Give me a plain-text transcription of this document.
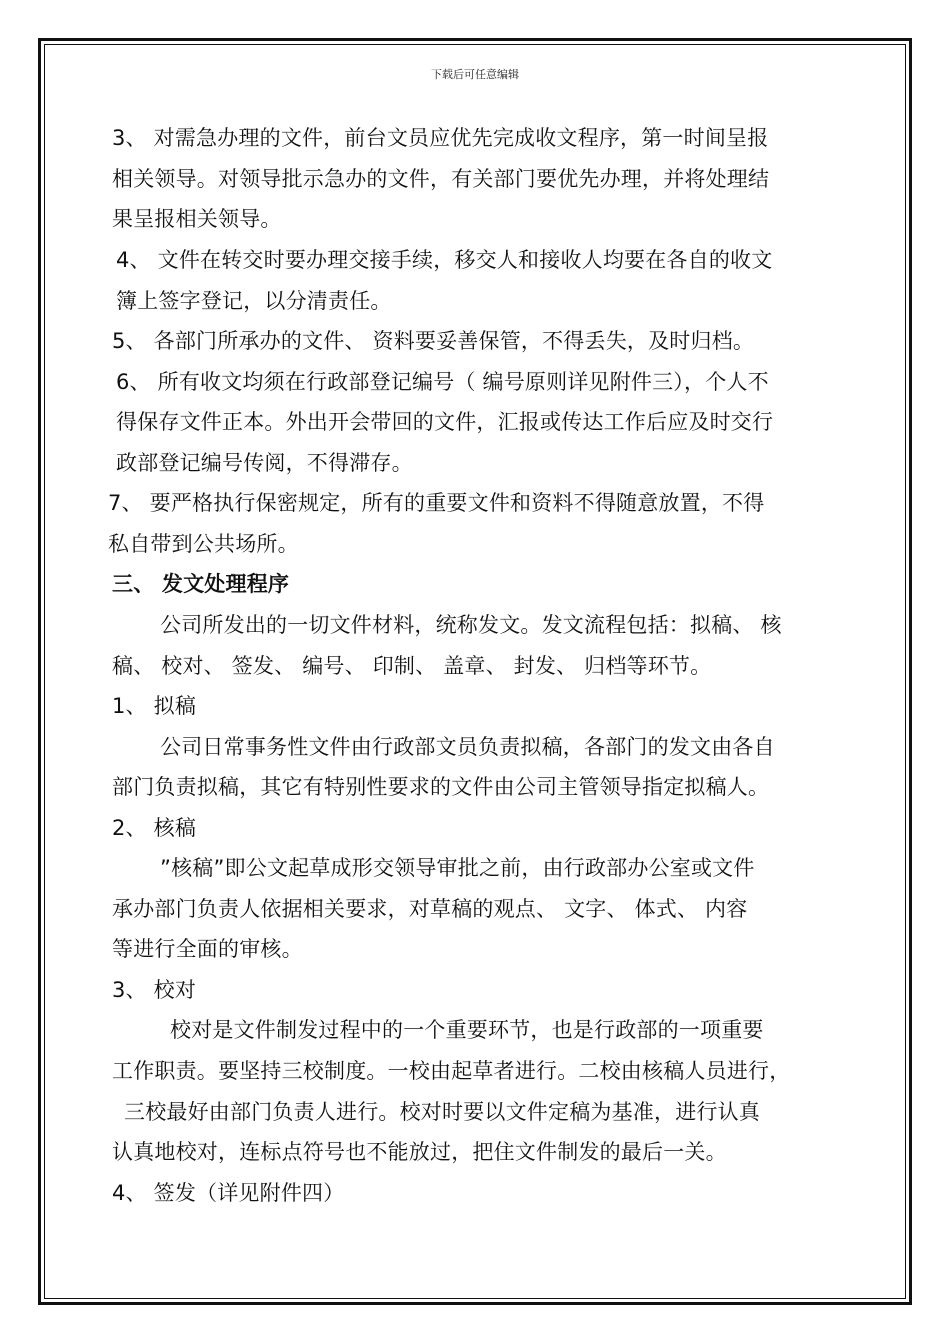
下载后可任意编辑
3、 对需急办理的文件，前台文员应优先完成收文程序，第一时间呈报
相关领导。对领导批示急办的文件，有关部门要优先办理，并将处理结
果呈报相关领导。
4、 文件在转交时要办理交接手续，移交人和接收人均要在各自的收文
簿上签字登记，以分清责任。
5、 各部门所承办的文件、 资料要妥善保管，不得丢失，及时归档。
6、 所有收文均须在行政部登记编号（ 编号原则详见附件三），个人不
得保存文件正本。外出开会带回的文件，汇报或传达工作后应及时交行
政部登记编号传阅，不得滞存。
7、 要严格执行保密规定，所有的重要文件和资料不得随意放置，不得
私自带到公共场所。
三、 发文处理程序
公司所发出的一切文件材料，统称发文。发文流程包括：拟稿、 核
稿、 校对、 签发、 编号、 印制、 盖章、 封发、 归档等环节。
1、 拟稿
公司日常事务性文件由行政部文员负责拟稿，各部门的发文由各自
部门负责拟稿，其它有特别性要求的文件由公司主管领导指定拟稿人。
2、 核稿
”核稿”即公文起草成形交领导审批之前，由行政部办公室或文件
承办部门负责人依据相关要求，对草稿的观点、 文字、 体式、 内容
等进行全面的审核。
3、 校对
校对是文件制发过程中的一个重要环节，也是行政部的一项重要
工作职责。要坚持三校制度。一校由起草者进行。二校由核稿人员进行，
三校最好由部门负责人进行。校对时要以文件定稿为基准，进行认真
认真地校对，连标点符号也不能放过，把住文件制发的最后一关。
4、 签发（详见附件四）
